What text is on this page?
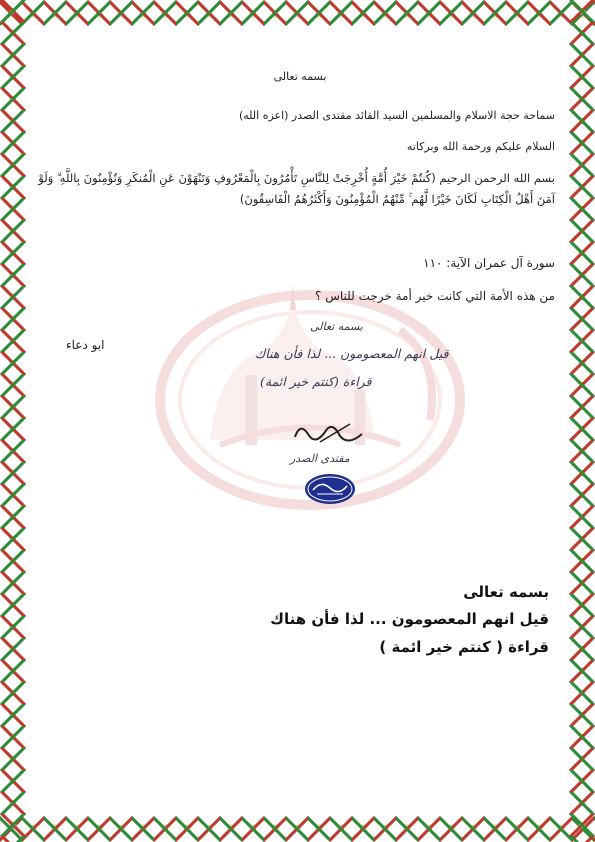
بسمه تعالى
سماحة حجة الاسلام والمسلمين السيد القائد مقتدى الصدر (اعزه الله)
السلام عليكم ورحمة الله وبركاته
بسم الله الرحمن الرحيم (كُنتُمْ خَيْرَ أُمَّةٍ أُخْرِجَتْ لِلنَّاسِ تَأْمُرُونَ بِالْمَعْرُوفِ وَتَنْهَوْنَ عَنِ الْمُنكَرِ وَتُؤْمِنُونَ بِاللَّهِ ۗ وَلَوْ آمَنَ أَهْلُ الْكِتَابِ لَكَانَ خَيْرًا لَّهُم ۚ مِّنْهُمُ الْمُؤْمِنُونَ وَأَكْثَرُهُمُ الْفَاسِقُونَ)
سورة آل عمران الآية: ١١٠
من هذه الأمة التي كانت خير أمة خرجت للناس ؟
ابو دعاء
بسمه تعالى
قيل انهم المعصومون ... لذا فأن هناك
قراءة (كنتم خير ائمة)
مقتدى الصدر
بسمه تعالى
قيل انهم المعصومون ... لذا فأن هناك
قراءة ( كنتم خير ائمة )
